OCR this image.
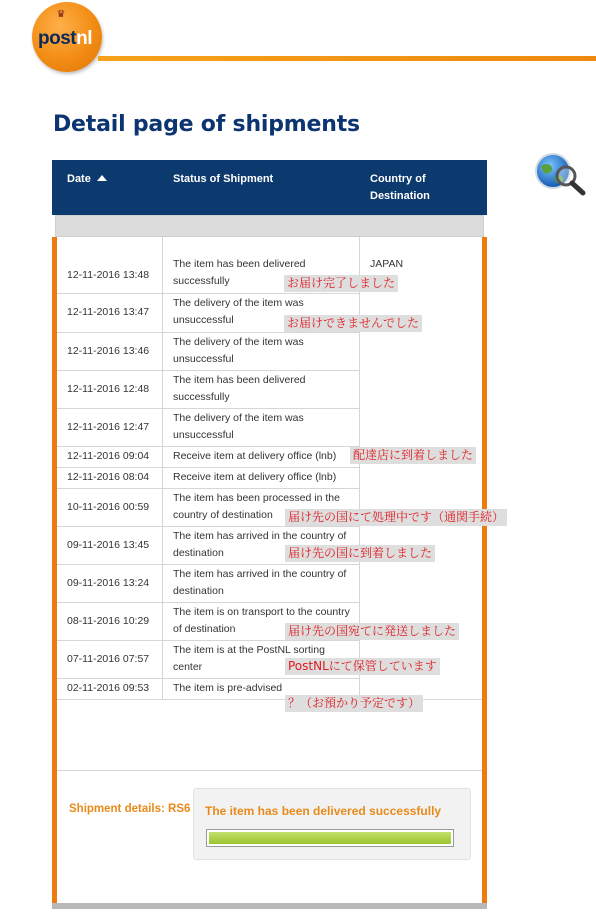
♛
postnl
Detail page of shipments
Date	Status of Shipment	Country of Destination
JAPAN
12-11-2016 13:48
The item has been delivered successfully
12-11-2016 13:47
The delivery of the item was unsuccessful
12-11-2016 13:46
The delivery of the item was unsuccessful
12-11-2016 12:48
The item has been delivered successfully
12-11-2016 12:47
The delivery of the item was unsuccessful
12-11-2016 09:04 Receive item at delivery office (lnb)
12-11-2016 08:04 Receive item at delivery office (lnb)
10-11-2016 00:59
The item has been processed in the country of destination
09-11-2016 13:45
The item has arrived in the country of destination
09-11-2016 13:24
The item has arrived in the country of destination
08-11-2016 10:29
The item is on transport to the country of destination
07-11-2016 07:57
The item is at the PostNL sorting center
02-11-2016 09:53 The item is pre-advised
お届け完了しました
お届けできませんでした
配達店に到着しました
届け先の国にて処理中です（通関手続）
届け先の国に到着しました
届け先の国宛てに発送しました
PostNLにて保管しています
？（お預かり予定です）
Shipment details: RS6 The item has been delivered successfully
